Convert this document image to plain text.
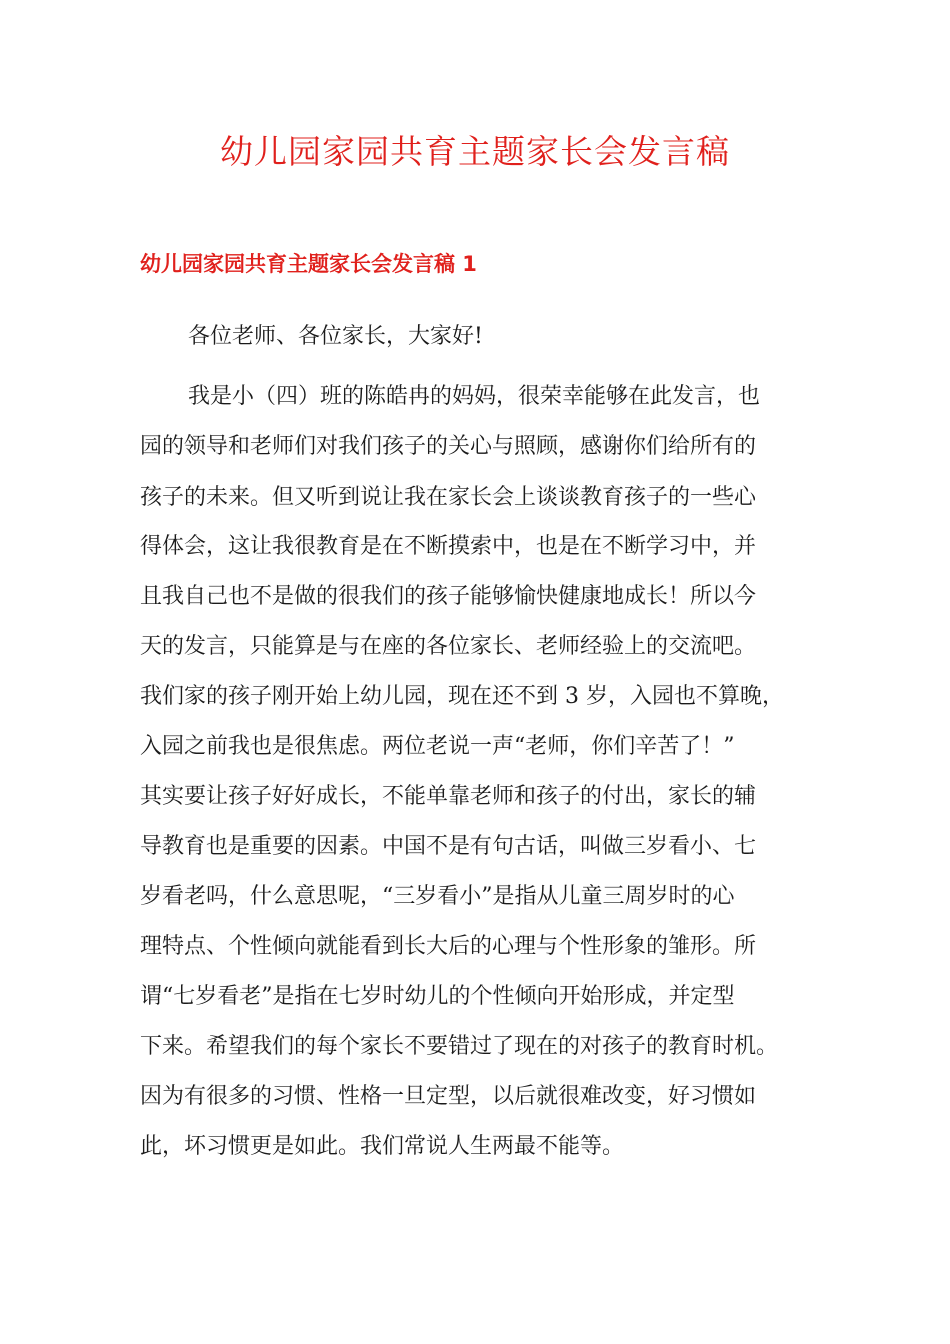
幼儿园家园共育主题家长会发言稿
幼儿园家园共育主题家长会发言稿 1
各位老师、各位家长，大家好!
我是小（四）班的陈皓冉的妈妈，很荣幸能够在此发言，也
园的领导和老师们对我们孩子的关心与照顾，感谢你们给所有的
孩子的未来。但又听到说让我在家长会上谈谈教育孩子的一些心
得体会，这让我很教育是在不断摸索中，也是在不断学习中，并
且我自己也不是做的很我们的孩子能够愉快健康地成长！所以今
天的发言，只能算是与在座的各位家长、老师经验上的交流吧。
我们家的孩子刚开始上幼儿园，现在还不到 3 岁，入园也不算晚，
入园之前我也是很焦虑。两位老说一声“老师，你们辛苦了！”
其实要让孩子好好成长，不能单靠老师和孩子的付出，家长的辅
导教育也是重要的因素。中国不是有句古话，叫做三岁看小、七
岁看老吗，什么意思呢，“三岁看小”是指从儿童三周岁时的心
理特点、个性倾向就能看到长大后的心理与个性形象的雏形。所
谓“七岁看老”是指在七岁时幼儿的个性倾向开始形成，并定型
下来。希望我们的每个家长不要错过了现在的对孩子的教育时机。
因为有很多的习惯、性格一旦定型，以后就很难改变，好习惯如
此，坏习惯更是如此。我们常说人生两最不能等。
